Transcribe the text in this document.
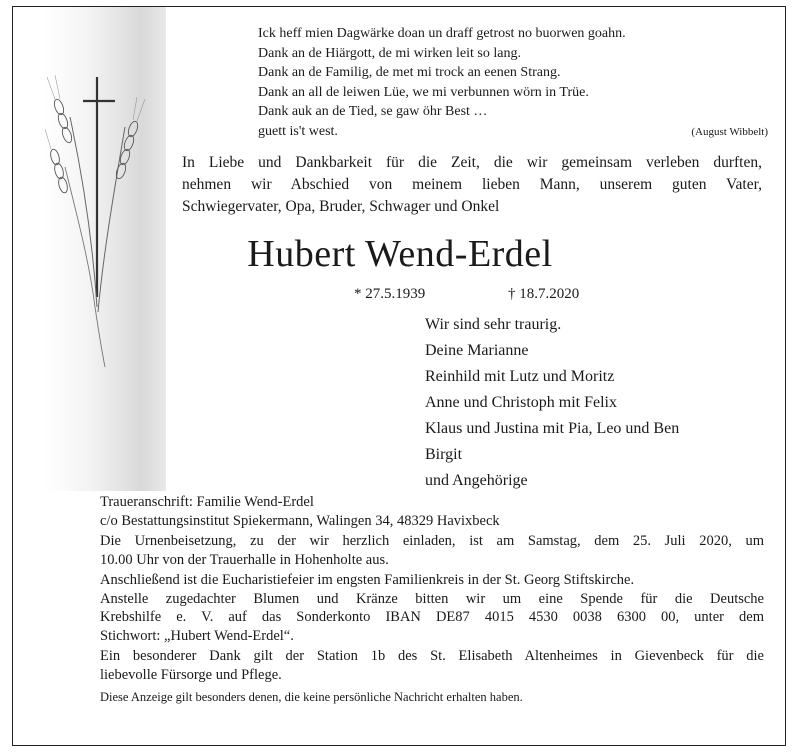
Ick heff mien Dagwärke doan un draff getrost no buorwen goahn.
Dank an de Hiärgott, de mi wirken leit so lang.
Dank an de Familig, de met mi trock an eenen Strang.
Dank an all de leiwen Lüe, we mi verbunnen wörn in Trüe.
Dank auk an de Tied, se gaw öhr Best …
guett is't west.	(August Wibbelt)
In Liebe und Dankbarkeit für die Zeit, die wir gemeinsam verleben durften,
nehmen wir Abschied von meinem lieben Mann, unserem guten Vater,
Schwiegervater, Opa, Bruder, Schwager und Onkel
Hubert Wend-Erdel
* 27.5.1939	† 18.7.2020
Wir sind sehr traurig.
Deine Marianne
Reinhild mit Lutz und Moritz
Anne und Christoph mit Felix
Klaus und Justina mit Pia, Leo und Ben
Birgit
und Angehörige
Traueranschrift: Familie Wend-Erdel
c/o Bestattungsinstitut Spiekermann, Walingen 34, 48329 Havixbeck
Die Urnenbeisetzung, zu der wir herzlich einladen, ist am Samstag, dem 25. Juli 2020, um
10.00 Uhr von der Trauerhalle in Hohenholte aus.
Anschließend ist die Eucharistiefeier im engsten Familienkreis in der St. Georg Stiftskirche.
Anstelle zugedachter Blumen und Kränze bitten wir um eine Spende für die Deutsche
Krebshilfe e. V. auf das Sonderkonto IBAN DE87 4015 4530 0038 6300 00, unter dem
Stichwort: „Hubert Wend-Erdel“.
Ein besonderer Dank gilt der Station 1b des St. Elisabeth Altenheimes in Gievenbeck für die
liebevolle Fürsorge und Pflege.
Diese Anzeige gilt besonders denen, die keine persönliche Nachricht erhalten haben.
